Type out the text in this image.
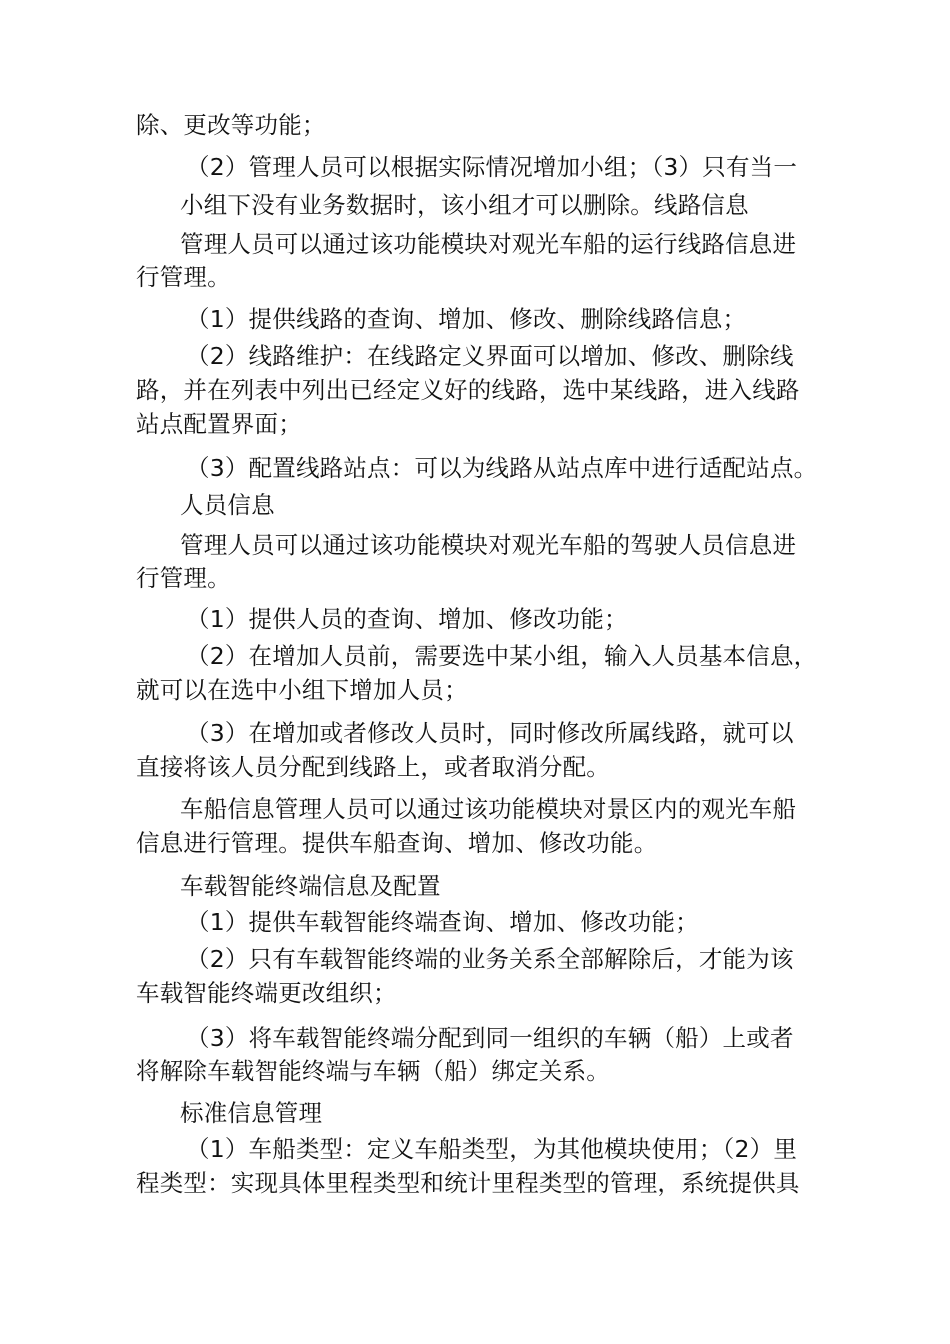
除、更改等功能；
（2）管理人员可以根据实际情况增加小组；（3）只有当一
小组下没有业务数据时，该小组才可以删除。线路信息
管理人员可以通过该功能模块对观光车船的运行线路信息进
行管理。
（1）提供线路的查询、增加、修改、删除线路信息；
（2）线路维护：在线路定义界面可以增加、修改、删除线
路，并在列表中列出已经定义好的线路，选中某线路，进入线路
站点配置界面；
（3）配置线路站点：可以为线路从站点库中进行适配站点。
人员信息
管理人员可以通过该功能模块对观光车船的驾驶人员信息进
行管理。
（1）提供人员的查询、增加、修改功能；
（2）在增加人员前，需要选中某小组，输入人员基本信息，
就可以在选中小组下增加人员；
（3）在增加或者修改人员时，同时修改所属线路，就可以
直接将该人员分配到线路上，或者取消分配。
车船信息管理人员可以通过该功能模块对景区内的观光车船
信息进行管理。提供车船查询、增加、修改功能。
车载智能终端信息及配置
（1）提供车载智能终端查询、增加、修改功能；
（2）只有车载智能终端的业务关系全部解除后，才能为该
车载智能终端更改组织；
（3）将车载智能终端分配到同一组织的车辆（船）上或者
将解除车载智能终端与车辆（船）绑定关系。
标准信息管理
（1）车船类型：定义车船类型，为其他模块使用；（2）里
程类型：实现具体里程类型和统计里程类型的管理，系统提供具
